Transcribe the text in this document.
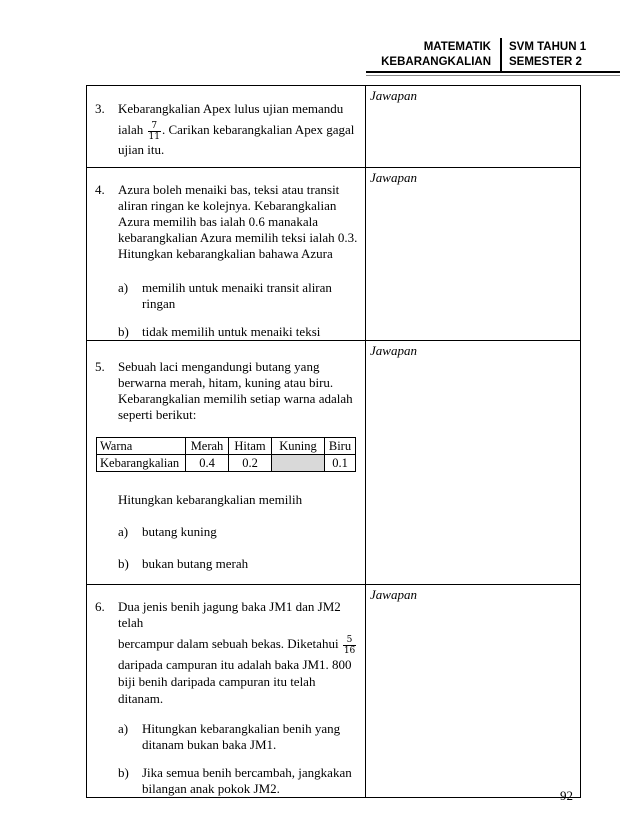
MATEMATIK
KEBARANGKALIAN
SVM TAHUN 1
SEMESTER 2
3. Kebarangkalian Apex lulus ujian memandu
ialah $\frac{7}{11}$ . Carikan kebarangkalian Apex gagal
ujian itu.

Jawapan

4. Azura boleh menaiki bas, teksi atau transit aliran ringan ke kolejnya. Kebarangkalian Azura memilih bas ialah 0.6 manakala kebarangkalian Azura memilih teksi ialah 0.3. Hitungkan kebarangkalian bahawa Azura
a) memilih untuk menaiki transit aliran ringan
b) tidak memilih untuk menaiki teksi

Jawapan

5. Sebuah laci mengandungi butang yang berwarna merah, hitam, kuning atau biru. Kebarangkalian memilih setiap warna adalah seperti berikut:
Warna	Merah	Hitam	Kuning	Biru
Kebarangkalian	0.4	0.2		0.1
Hitungkan kebarangkalian memilih
a) butang kuning
b) bukan butang merah

Jawapan

6. Dua jenis benih jagung baka JM1 dan JM2 telah
bercampur dalam sebuah bekas. Diketahui $\frac{5}{16}$
daripada campuran itu adalah baka JM1. 800
biji benih daripada campuran itu telah ditanam.
a) Hitungkan kebarangkalian benih yang ditanam bukan baka JM1.
b) Jika semua benih bercambah, jangkakan bilangan anak pokok JM2.

Jawapan
92
